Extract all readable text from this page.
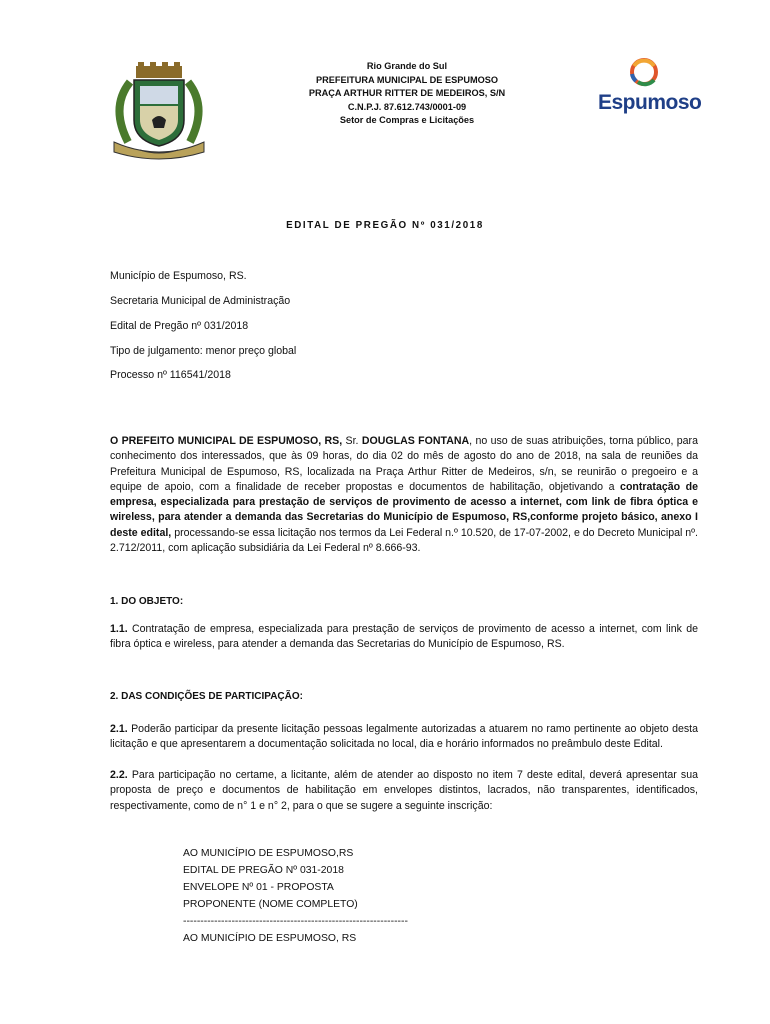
Rio Grande do Sul
PREFEITURA MUNICIPAL DE ESPUMOSO
PRAÇA ARTHUR RITTER DE MEDEIROS, S/N
C.N.P.J. 87.612.743/0001-09
Setor de Compras e Licitações
Espumoso
EDITAL DE PREGÃO Nº 031/2018
Município de Espumoso, RS.
Secretaria Municipal de Administração
Edital de Pregão nº 031/2018
Tipo de julgamento: menor preço global
Processo nº 116541/2018
O PREFEITO MUNICIPAL DE ESPUMOSO, RS, Sr. DOUGLAS FONTANA, no uso de suas atribuições, torna público, para conhecimento dos interessados, que às 09 horas, do dia 02 do mês de agosto do ano de 2018, na sala de reuniões da Prefeitura Municipal de Espumoso, RS, localizada na Praça Arthur Ritter de Medeiros, s/n, se reunirão o pregoeiro e a equipe de apoio, com a finalidade de receber propostas e documentos de habilitação, objetivando a contratação de empresa, especializada para prestação de serviços de provimento de acesso a internet, com link de fibra óptica e wireless, para atender a demanda das Secretarias do Município de Espumoso, RS,conforme projeto básico, anexo I deste edital, processando-se essa licitação nos termos da Lei Federal n.º 10.520, de 17-07-2002, e do Decreto Municipal nº. 2.712/2011, com aplicação subsidiária da Lei Federal nº 8.666-93.
1. DO OBJETO:
1.1. Contratação de empresa, especializada para prestação de serviços de provimento de acesso a internet, com link de fibra óptica e wireless, para atender a demanda das Secretarias do Município de Espumoso, RS.
2. DAS CONDIÇÕES DE PARTICIPAÇÃO:
2.1. Poderão participar da presente licitação pessoas legalmente autorizadas a atuarem no ramo pertinente ao objeto desta licitação e que apresentarem a documentação solicitada no local, dia e horário informados no preâmbulo deste Edital.
2.2. Para participação no certame, a licitante, além de atender ao disposto no item 7 deste edital, deverá apresentar sua proposta de preço e documentos de habilitação em envelopes distintos, lacrados, não transparentes, identificados, respectivamente, como de n° 1 e n° 2, para o que se sugere a seguinte inscrição:
AO MUNICÍPIO DE ESPUMOSO,RS
EDITAL DE PREGÃO Nº 031-2018
ENVELOPE Nº 01 - PROPOSTA
PROPONENTE (NOME COMPLETO)
-----------------------------------------------------------------
AO MUNICÍPIO DE ESPUMOSO, RS
